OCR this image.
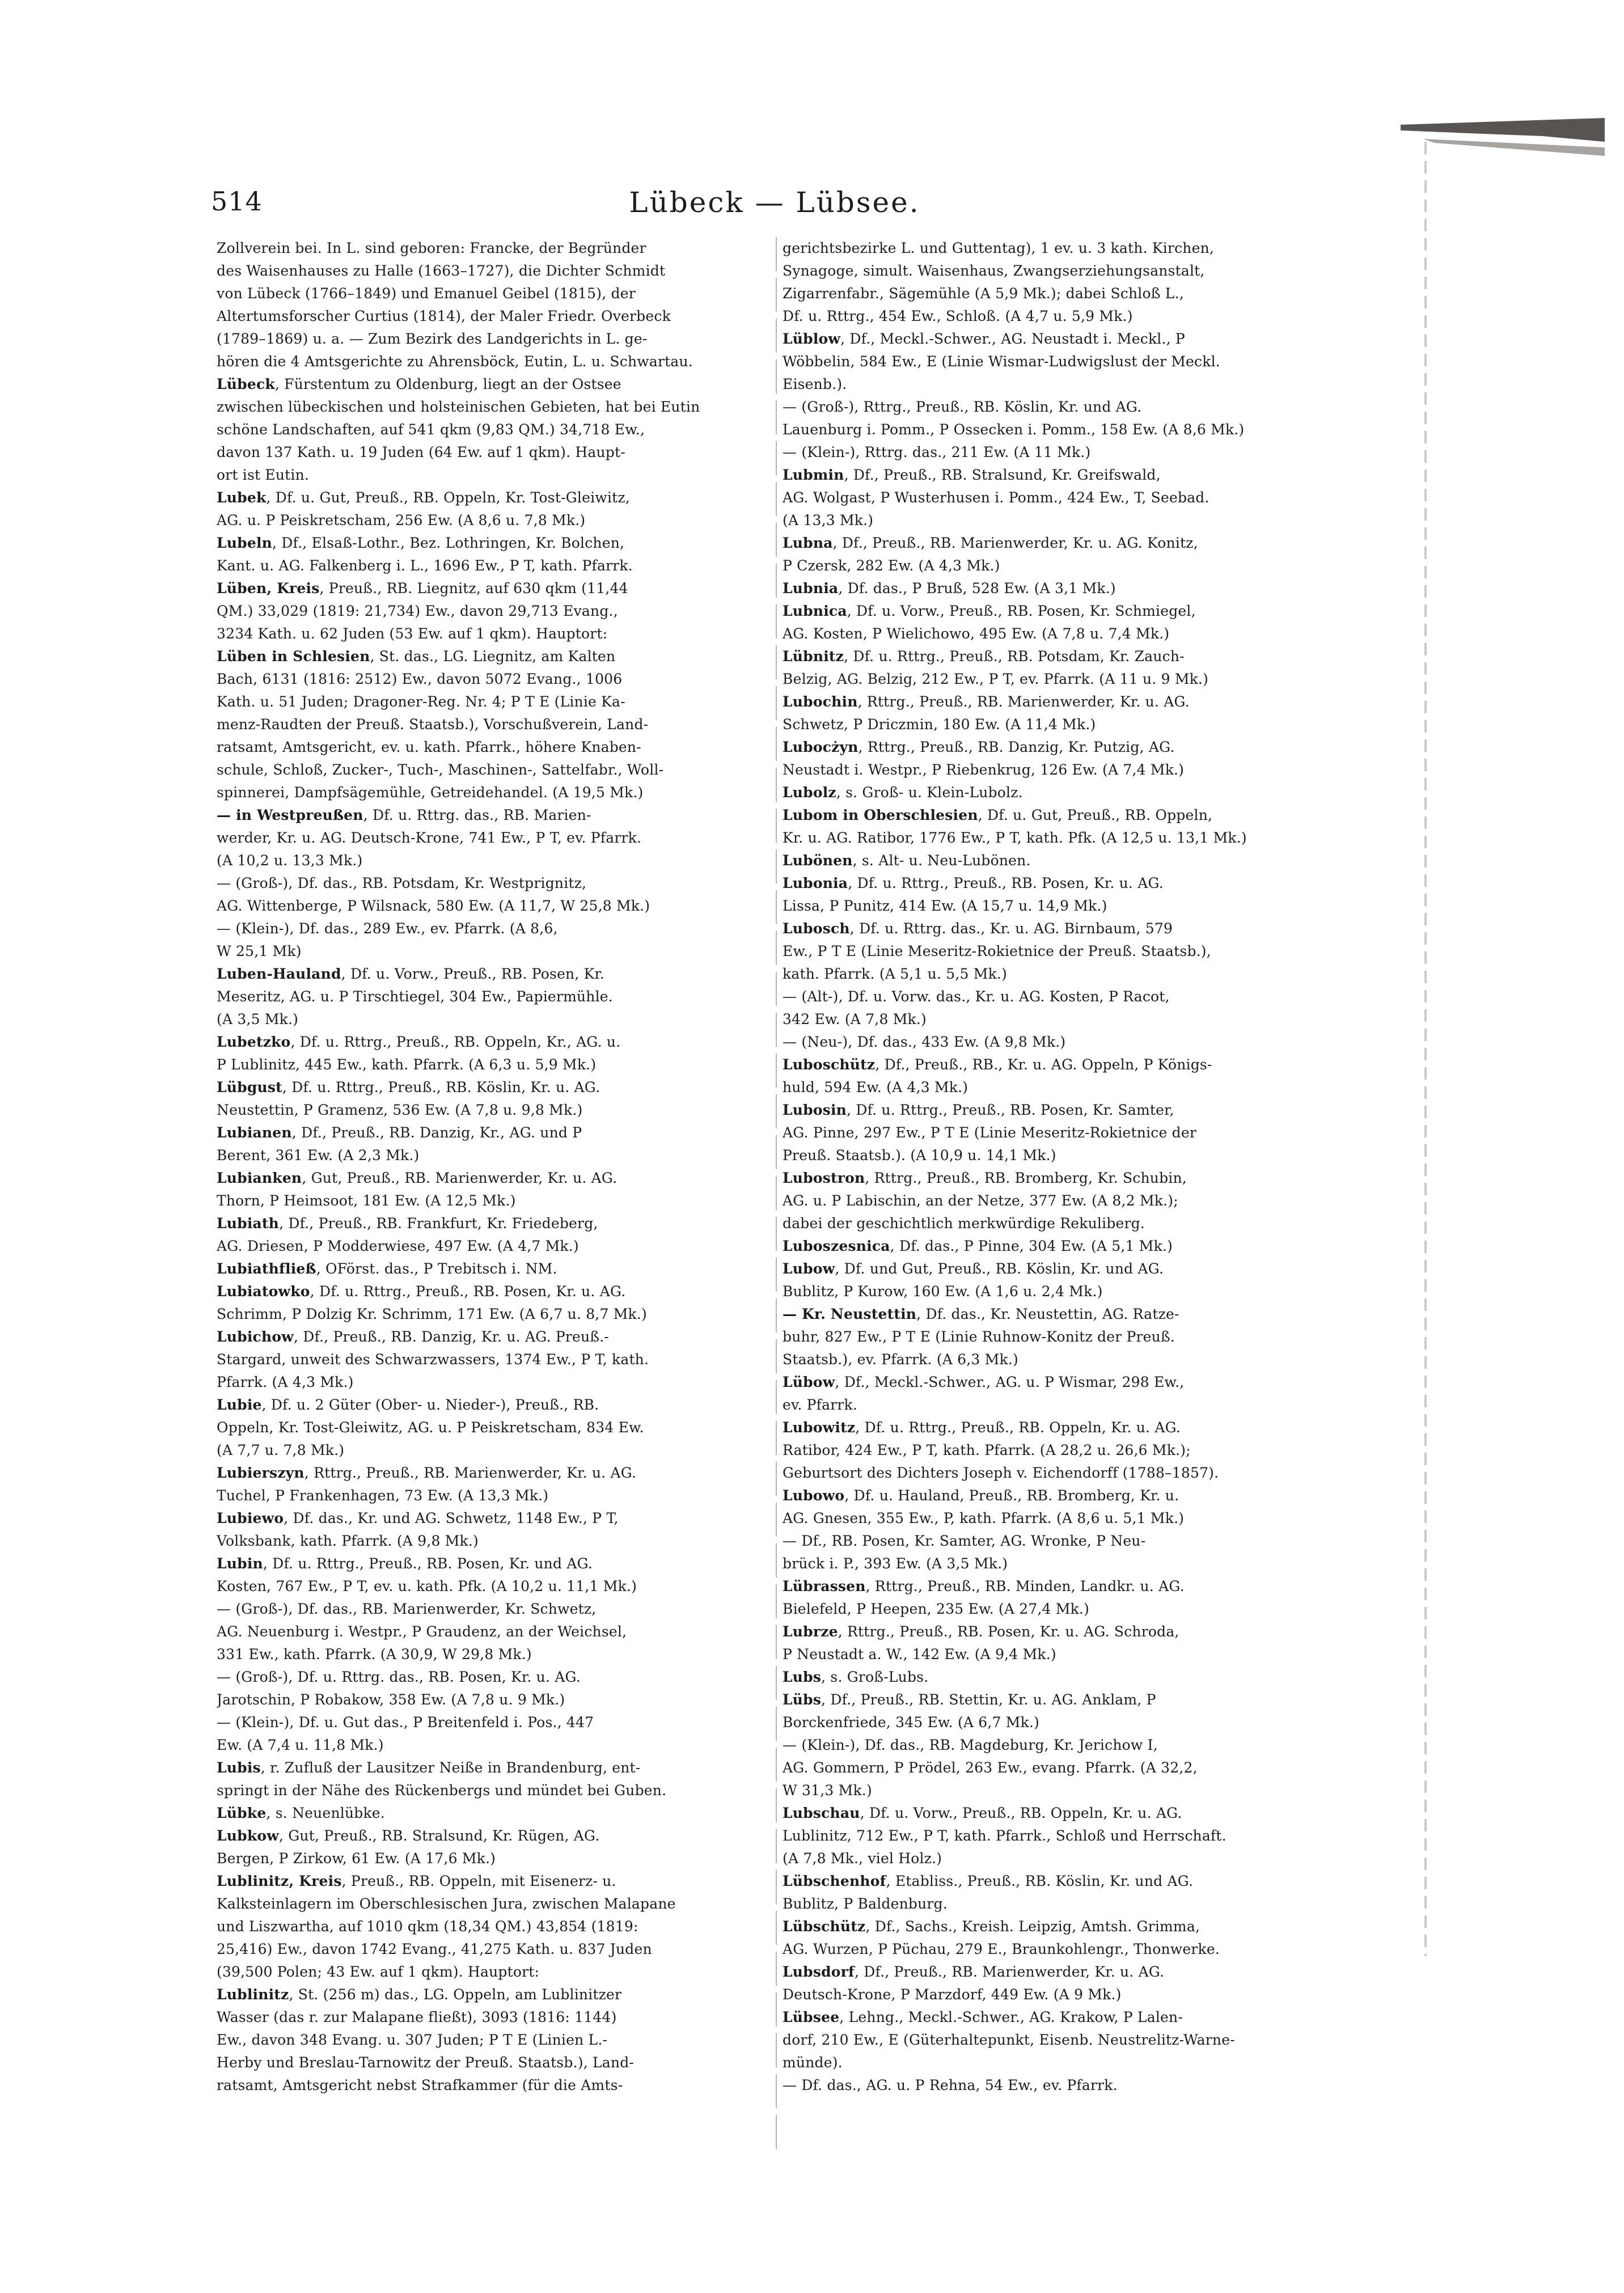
514	Lübeck — Lübsee.
Zollverein bei. In L. sind geboren: Francke, der Begründer
des Waisenhauses zu Halle (1663–1727), die Dichter Schmidt
von Lübeck (1766–1849) und Emanuel Geibel (1815), der
Altertumsforscher Curtius (1814), der Maler Friedr. Overbeck
(1789–1869) u. a. — Zum Bezirk des Landgerichts in L. ge-
hören die 4 Amtsgerichte zu Ahrensböck, Eutin, L. u. Schwartau.
Lübeck, Fürstentum zu Oldenburg, liegt an der Ostsee
zwischen lübeckischen und holsteinischen Gebieten, hat bei Eutin
schöne Landschaften, auf 541 qkm (9,83 QM.) 34,718 Ew.,
davon 137 Kath. u. 19 Juden (64 Ew. auf 1 qkm). Haupt-
ort ist Eutin.
Lubek, Df. u. Gut, Preuß., RB. Oppeln, Kr. Tost-Gleiwitz,
AG. u. P Peiskretscham, 256 Ew. (A 8,6 u. 7,8 Mk.)
Lubeln, Df., Elsaß-Lothr., Bez. Lothringen, Kr. Bolchen,
Kant. u. AG. Falkenberg i. L., 1696 Ew., P T, kath. Pfarrk.
Lüben, Kreis, Preuß., RB. Liegnitz, auf 630 qkm (11,44
QM.) 33,029 (1819: 21,734) Ew., davon 29,713 Evang.,
3234 Kath. u. 62 Juden (53 Ew. auf 1 qkm). Hauptort:
Lüben in Schlesien, St. das., LG. Liegnitz, am Kalten
Bach, 6131 (1816: 2512) Ew., davon 5072 Evang., 1006
Kath. u. 51 Juden; Dragoner-Reg. Nr. 4; P T E (Linie Ka-
menz-Raudten der Preuß. Staatsb.), Vorschußverein, Land-
ratsamt, Amtsgericht, ev. u. kath. Pfarrk., höhere Knaben-
schule, Schloß, Zucker-, Tuch-, Maschinen-, Sattelfabr., Woll-
spinnerei, Dampfsägemühle, Getreidehandel. (A 19,5 Mk.)
— in Westpreußen, Df. u. Rttrg. das., RB. Marien-
werder, Kr. u. AG. Deutsch-Krone, 741 Ew., P T, ev. Pfarrk.
(A 10,2 u. 13,3 Mk.)
— (Groß-), Df. das., RB. Potsdam, Kr. Westprignitz,
AG. Wittenberge, P Wilsnack, 580 Ew. (A 11,7, W 25,8 Mk.)
— (Klein-), Df. das., 289 Ew., ev. Pfarrk. (A 8,6,
W 25,1 Mk)
Luben-Hauland, Df. u. Vorw., Preuß., RB. Posen, Kr.
Meseritz, AG. u. P Tirschtiegel, 304 Ew., Papiermühle.
(A 3,5 Mk.)
Lubetzko, Df. u. Rttrg., Preuß., RB. Oppeln, Kr., AG. u.
P Lublinitz, 445 Ew., kath. Pfarrk. (A 6,3 u. 5,9 Mk.)
Lübgust, Df. u. Rttrg., Preuß., RB. Köslin, Kr. u. AG.
Neustettin, P Gramenz, 536 Ew. (A 7,8 u. 9,8 Mk.)
Lubianen, Df., Preuß., RB. Danzig, Kr., AG. und P
Berent, 361 Ew. (A 2,3 Mk.)
Lubianken, Gut, Preuß., RB. Marienwerder, Kr. u. AG.
Thorn, P Heimsoot, 181 Ew. (A 12,5 Mk.)
Lubiath, Df., Preuß., RB. Frankfurt, Kr. Friedeberg,
AG. Driesen, P Modderwiese, 497 Ew. (A 4,7 Mk.)
Lubiathfließ, OFörst. das., P Trebitsch i. NM.
Lubiatowko, Df. u. Rttrg., Preuß., RB. Posen, Kr. u. AG.
Schrimm, P Dolzig Kr. Schrimm, 171 Ew. (A 6,7 u. 8,7 Mk.)
Lubichow, Df., Preuß., RB. Danzig, Kr. u. AG. Preuß.-
Stargard, unweit des Schwarzwassers, 1374 Ew., P T, kath.
Pfarrk. (A 4,3 Mk.)
Lubie, Df. u. 2 Güter (Ober- u. Nieder-), Preuß., RB.
Oppeln, Kr. Tost-Gleiwitz, AG. u. P Peiskretscham, 834 Ew.
(A 7,7 u. 7,8 Mk.)
Lubierszyn, Rttrg., Preuß., RB. Marienwerder, Kr. u. AG.
Tuchel, P Frankenhagen, 73 Ew. (A 13,3 Mk.)
Lubiewo, Df. das., Kr. und AG. Schwetz, 1148 Ew., P T,
Volksbank, kath. Pfarrk. (A 9,8 Mk.)
Lubin, Df. u. Rttrg., Preuß., RB. Posen, Kr. und AG.
Kosten, 767 Ew., P T, ev. u. kath. Pfk. (A 10,2 u. 11,1 Mk.)
— (Groß-), Df. das., RB. Marienwerder, Kr. Schwetz,
AG. Neuenburg i. Westpr., P Graudenz, an der Weichsel,
331 Ew., kath. Pfarrk. (A 30,9, W 29,8 Mk.)
— (Groß-), Df. u. Rttrg. das., RB. Posen, Kr. u. AG.
Jarotschin, P Robakow, 358 Ew. (A 7,8 u. 9 Mk.)
— (Klein-), Df. u. Gut das., P Breitenfeld i. Pos., 447
Ew. (A 7,4 u. 11,8 Mk.)
Lubis, r. Zufluß der Lausitzer Neiße in Brandenburg, ent-
springt in der Nähe des Rückenbergs und mündet bei Guben.
Lübke, s. Neuenlübke.
Lubkow, Gut, Preuß., RB. Stralsund, Kr. Rügen, AG.
Bergen, P Zirkow, 61 Ew. (A 17,6 Mk.)
Lublinitz, Kreis, Preuß., RB. Oppeln, mit Eisenerz- u.
Kalksteinlagern im Oberschlesischen Jura, zwischen Malapane
und Liszwartha, auf 1010 qkm (18,34 QM.) 43,854 (1819:
25,416) Ew., davon 1742 Evang., 41,275 Kath. u. 837 Juden
(39,500 Polen; 43 Ew. auf 1 qkm). Hauptort:
Lublinitz, St. (256 m) das., LG. Oppeln, am Lublinitzer
Wasser (das r. zur Malapane fließt), 3093 (1816: 1144)
Ew., davon 348 Evang. u. 307 Juden; P T E (Linien L.-
Herby und Breslau-Tarnowitz der Preuß. Staatsb.), Land-
ratsamt, Amtsgericht nebst Strafkammer (für die Amts-
gerichtsbezirke L. und Guttentag), 1 ev. u. 3 kath. Kirchen,
Synagoge, simult. Waisenhaus, Zwangserziehungsanstalt,
Zigarrenfabr., Sägemühle (A 5,9 Mk.); dabei Schloß L.,
Df. u. Rttrg., 454 Ew., Schloß. (A 4,7 u. 5,9 Mk.)
Lüblow, Df., Meckl.-Schwer., AG. Neustadt i. Meckl., P
Wöbbelin, 584 Ew., E (Linie Wismar-Ludwigslust der Meckl.
Eisenb.).
— (Groß-), Rttrg., Preuß., RB. Köslin, Kr. und AG.
Lauenburg i. Pomm., P Ossecken i. Pomm., 158 Ew. (A 8,6 Mk.)
— (Klein-), Rttrg. das., 211 Ew. (A 11 Mk.)
Lubmin, Df., Preuß., RB. Stralsund, Kr. Greifswald,
AG. Wolgast, P Wusterhusen i. Pomm., 424 Ew., T, Seebad.
(A 13,3 Mk.)
Lubna, Df., Preuß., RB. Marienwerder, Kr. u. AG. Konitz,
P Czersk, 282 Ew. (A 4,3 Mk.)
Lubnia, Df. das., P Bruß, 528 Ew. (A 3,1 Mk.)
Lubnica, Df. u. Vorw., Preuß., RB. Posen, Kr. Schmiegel,
AG. Kosten, P Wielichowo, 495 Ew. (A 7,8 u. 7,4 Mk.)
Lübnitz, Df. u. Rttrg., Preuß., RB. Potsdam, Kr. Zauch-
Belzig, AG. Belzig, 212 Ew., P T, ev. Pfarrk. (A 11 u. 9 Mk.)
Lubochin, Rttrg., Preuß., RB. Marienwerder, Kr. u. AG.
Schwetz, P Driczmin, 180 Ew. (A 11,4 Mk.)
Lubocżyn, Rttrg., Preuß., RB. Danzig, Kr. Putzig, AG.
Neustadt i. Westpr., P Riebenkrug, 126 Ew. (A 7,4 Mk.)
Lubolz, s. Groß- u. Klein-Lubolz.
Lubom in Oberschlesien, Df. u. Gut, Preuß., RB. Oppeln,
Kr. u. AG. Ratibor, 1776 Ew., P T, kath. Pfk. (A 12,5 u. 13,1 Mk.)
Lubönen, s. Alt- u. Neu-Lubönen.
Lubonia, Df. u. Rttrg., Preuß., RB. Posen, Kr. u. AG.
Lissa, P Punitz, 414 Ew. (A 15,7 u. 14,9 Mk.)
Lubosch, Df. u. Rttrg. das., Kr. u. AG. Birnbaum, 579
Ew., P T E (Linie Meseritz-Rokietnice der Preuß. Staatsb.),
kath. Pfarrk. (A 5,1 u. 5,5 Mk.)
— (Alt-), Df. u. Vorw. das., Kr. u. AG. Kosten, P Racot,
342 Ew. (A 7,8 Mk.)
— (Neu-), Df. das., 433 Ew. (A 9,8 Mk.)
Luboschütz, Df., Preuß., RB., Kr. u. AG. Oppeln, P Königs-
huld, 594 Ew. (A 4,3 Mk.)
Lubosin, Df. u. Rttrg., Preuß., RB. Posen, Kr. Samter,
AG. Pinne, 297 Ew., P T E (Linie Meseritz-Rokietnice der
Preuß. Staatsb.). (A 10,9 u. 14,1 Mk.)
Lubostron, Rttrg., Preuß., RB. Bromberg, Kr. Schubin,
AG. u. P Labischin, an der Netze, 377 Ew. (A 8,2 Mk.);
dabei der geschichtlich merkwürdige Rekuliberg.
Luboszesnica, Df. das., P Pinne, 304 Ew. (A 5,1 Mk.)
Lubow, Df. und Gut, Preuß., RB. Köslin, Kr. und AG.
Bublitz, P Kurow, 160 Ew. (A 1,6 u. 2,4 Mk.)
— Kr. Neustettin, Df. das., Kr. Neustettin, AG. Ratze-
buhr, 827 Ew., P T E (Linie Ruhnow-Konitz der Preuß.
Staatsb.), ev. Pfarrk. (A 6,3 Mk.)
Lübow, Df., Meckl.-Schwer., AG. u. P Wismar, 298 Ew.,
ev. Pfarrk.
Lubowitz, Df. u. Rttrg., Preuß., RB. Oppeln, Kr. u. AG.
Ratibor, 424 Ew., P T, kath. Pfarrk. (A 28,2 u. 26,6 Mk.);
Geburtsort des Dichters Joseph v. Eichendorff (1788–1857).
Lubowo, Df. u. Hauland, Preuß., RB. Bromberg, Kr. u.
AG. Gnesen, 355 Ew., P, kath. Pfarrk. (A 8,6 u. 5,1 Mk.)
— Df., RB. Posen, Kr. Samter, AG. Wronke, P Neu-
brück i. P., 393 Ew. (A 3,5 Mk.)
Lübrassen, Rttrg., Preuß., RB. Minden, Landkr. u. AG.
Bielefeld, P Heepen, 235 Ew. (A 27,4 Mk.)
Lubrze, Rttrg., Preuß., RB. Posen, Kr. u. AG. Schroda,
P Neustadt a. W., 142 Ew. (A 9,4 Mk.)
Lubs, s. Groß-Lubs.
Lübs, Df., Preuß., RB. Stettin, Kr. u. AG. Anklam, P
Borckenfriede, 345 Ew. (A 6,7 Mk.)
— (Klein-), Df. das., RB. Magdeburg, Kr. Jerichow I,
AG. Gommern, P Prödel, 263 Ew., evang. Pfarrk. (A 32,2,
W 31,3 Mk.)
Lubschau, Df. u. Vorw., Preuß., RB. Oppeln, Kr. u. AG.
Lublinitz, 712 Ew., P T, kath. Pfarrk., Schloß und Herrschaft.
(A 7,8 Mk., viel Holz.)
Lübschenhof, Etabliss., Preuß., RB. Köslin, Kr. und AG.
Bublitz, P Baldenburg.
Lübschütz, Df., Sachs., Kreish. Leipzig, Amtsh. Grimma,
AG. Wurzen, P Püchau, 279 E., Braunkohlengr., Thonwerke.
Lubsdorf, Df., Preuß., RB. Marienwerder, Kr. u. AG.
Deutsch-Krone, P Marzdorf, 449 Ew. (A 9 Mk.)
Lübsee, Lehng., Meckl.-Schwer., AG. Krakow, P Lalen-
dorf, 210 Ew., E (Güterhaltepunkt, Eisenb. Neustrelitz-Warne-
münde).
— Df. das., AG. u. P Rehna, 54 Ew., ev. Pfarrk.
